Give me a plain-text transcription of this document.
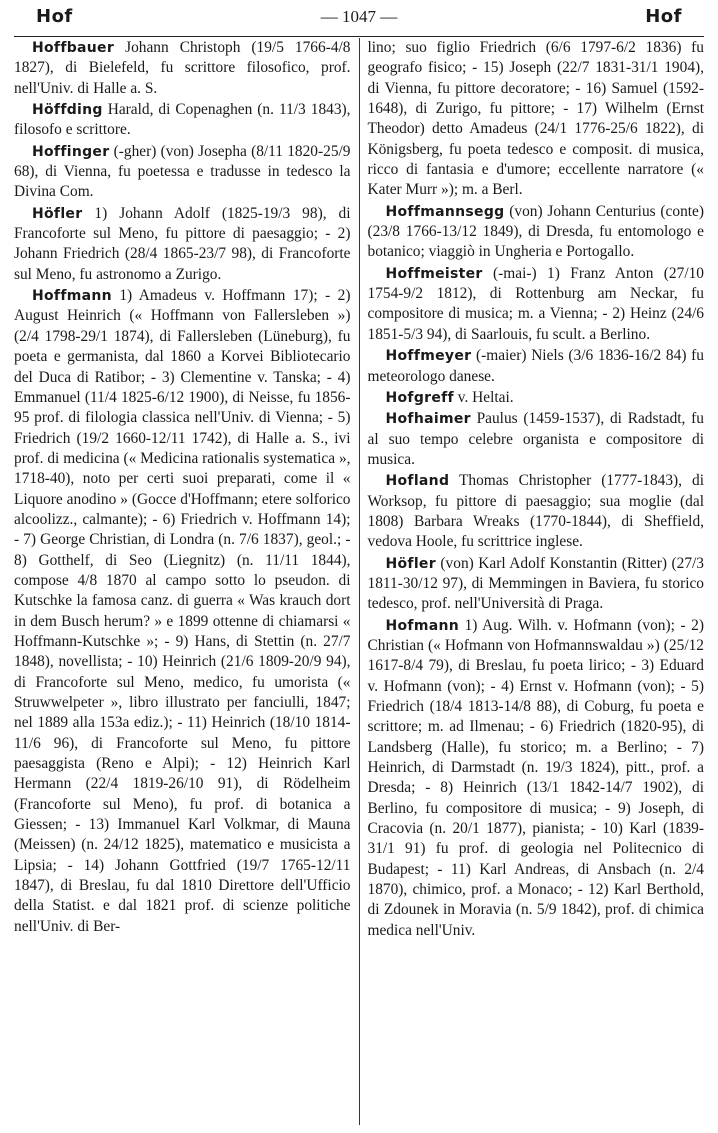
Hof	— 1047 —	Hof

Hoffbauer Johann Christoph (19/5 1766-4/8 1827), di Bielefeld, fu scrittore filosofico, prof. nell'Univ. di Halle a. S.

Höffding Harald, di Copenaghen (n. 11/3 1843), filosofo e scrittore.

Hoffinger (-gher) (von) Josepha (8/11 1820-25/9 68), di Vienna, fu poetessa e tradusse in tedesco la Divina Com.

Höfler 1) Johann Adolf (1825-19/3 98), di Francoforte sul Meno, fu pittore di paesaggio; - 2) Johann Friedrich (28/4 1865-23/7 98), di Francoforte sul Meno, fu astronomo a Zurigo.

Hoffmann 1) Amadeus v. Hoffmann 17); - 2) August Heinrich (« Hoffmann von Fallersleben ») (2/4 1798-29/1 1874), di Fallersleben (Lüneburg), fu poeta e germanista, dal 1860 a Korvei Bibliotecario del Duca di Ratibor; - 3) Clementine v. Tanska; - 4) Emmanuel (11/4 1825-6/12 1900), di Neisse, fu 1856-95 prof. di filologia classica nell'Univ. di Vienna; - 5) Friedrich (19/2 1660-12/11 1742), di Halle a. S., ivi prof. di medicina (« Medicina rationalis systematica », 1718-40), noto per certi suoi preparati, come il « Liquore anodino » (Gocce d'Hoffmann; etere solforico alcoolizz., calmante); - 6) Friedrich v. Hoffmann 14); - 7) George Christian, di Londra (n. 7/6 1837), geol.; - 8) Gotthelf, di Seo (Liegnitz) (n. 11/11 1844), compose 4/8 1870 al campo sotto lo pseudon. di Kutschke la famosa canz. di guerra « Was krauch dort in dem Busch herum? » e 1899 ottenne di chiamarsi « Hoffmann-Kutschke »; - 9) Hans, di Stettin (n. 27/7 1848), novellista; - 10) Heinrich (21/6 1809-20/9 94), di Francoforte sul Meno, medico, fu umorista (« Struwwelpeter », libro illustrato per fanciulli, 1847; nel 1889 alla 153a ediz.); - 11) Heinrich (18/10 1814-11/6 96), di Francoforte sul Meno, fu pittore paesaggista (Reno e Alpi); - 12) Heinrich Karl Hermann (22/4 1819-26/10 91), di Rödelheim (Francoforte sul Meno), fu prof. di botanica a Giessen; - 13) Immanuel Karl Volkmar, di Mauna (Meissen) (n. 24/12 1825), matematico e musicista a Lipsia; - 14) Johann Gottfried (19/7 1765-12/11 1847), di Breslau, fu dal 1810 Direttore dell'Ufficio della Statist. e dal 1821 prof. di scienze politiche nell'Univ. di Ber-

lino; suo figlio Friedrich (6/6 1797-6/2 1836) fu geografo fisico; - 15) Joseph (22/7 1831-31/1 1904), di Vienna, fu pittore decoratore; - 16) Samuel (1592-1648), di Zurigo, fu pittore; - 17) Wilhelm (Ernst Theodor) detto Amadeus (24/1 1776-25/6 1822), di Königsberg, fu poeta tedesco e composit. di musica, ricco di fantasia e d'umore; eccellente narratore (« Kater Murr »); m. a Berl.

Hoffmannsegg (von) Johann Centurius (conte) (23/8 1766-13/12 1849), di Dresda, fu entomologo e botanico; viaggiò in Ungheria e Portogallo.

Hoffmeister (-mai-) 1) Franz Anton (27/10 1754-9/2 1812), di Rottenburg am Neckar, fu compositore di musica; m. a Vienna; - 2) Heinz (24/6 1851-5/3 94), di Saarlouis, fu scult. a Berlino.

Hoffmeyer (-maier) Niels (3/6 1836-16/2 84) fu meteorologo danese.

Hofgreff v. Heltai.

Hofhaimer Paulus (1459-1537), di Radstadt, fu al suo tempo celebre organista e compositore di musica.

Hofland Thomas Christopher (1777-1843), di Worksop, fu pittore di paesaggio; sua moglie (dal 1808) Barbara Wreaks (1770-1844), di Sheffield, vedova Hoole, fu scrittrice inglese.

Höfler (von) Karl Adolf Konstantin (Ritter) (27/3 1811-30/12 97), di Memmingen in Baviera, fu storico tedesco, prof. nell'Università di Praga.

Hofmann 1) Aug. Wilh. v. Hofmann (von); - 2) Christian (« Hofmann von Hofmannswaldau ») (25/12 1617-8/4 79), di Breslau, fu poeta lirico; - 3) Eduard v. Hofmann (von); - 4) Ernst v. Hofmann (von); - 5) Friedrich (18/4 1813-14/8 88), di Coburg, fu poeta e scrittore; m. ad Ilmenau; - 6) Friedrich (1820-95), di Landsberg (Halle), fu storico; m. a Berlino; - 7) Heinrich, di Darmstadt (n. 19/3 1824), pitt., prof. a Dresda; - 8) Heinrich (13/1 1842-14/7 1902), di Berlino, fu compositore di musica; - 9) Joseph, di Cracovia (n. 20/1 1877), pianista; - 10) Karl (1839-31/1 91) fu prof. di geologia nel Politecnico di Budapest; - 11) Karl Andreas, di Ansbach (n. 2/4 1870), chimico, prof. a Monaco; - 12) Karl Berthold, di Zdounek in Moravia (n. 5/9 1842), prof. di chimica medica nell'Univ.
